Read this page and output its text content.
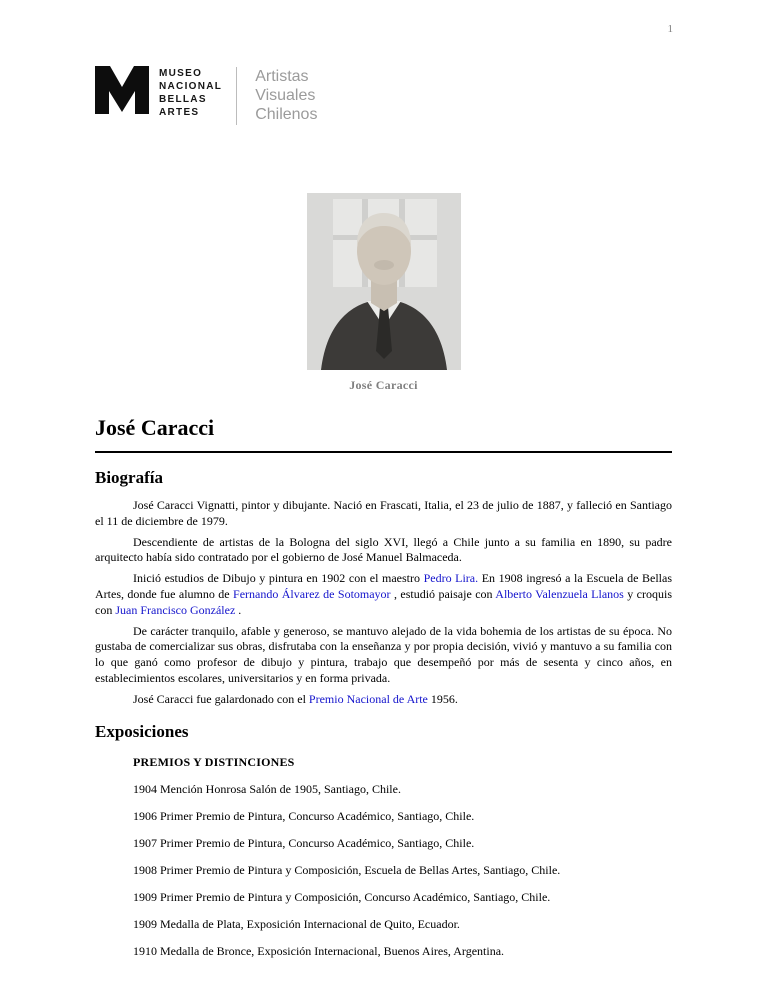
1
MUSEO
NACIONAL
BELLAS
ARTES
Artistas
Visuales
Chilenos
José Caracci
José Caracci
Biografía

José Caracci Vignatti, pintor y dibujante. Nació en Frascati, Italia, el 23 de julio de 1887, y falleció en Santiago el 11 de diciembre de 1979.

Descendiente de artistas de la Bologna del siglo XVI, llegó a Chile junto a su familia en 1890, su padre arquitecto había sido contratado por el gobierno de José Manuel Balmaceda.

Inició estudios de Dibujo y pintura en 1902 con el maestro Pedro Lira. En 1908 ingresó a la Escuela de Bellas Artes, donde fue alumno de Fernando Álvarez de Sotomayor , estudió paisaje con Alberto Valenzuela Llanos y croquis con Juan Francisco González .

De carácter tranquilo, afable y generoso, se mantuvo alejado de la vida bohemia de los artistas de su época. No gustaba de comercializar sus obras, disfrutaba con la enseñanza y por propia decisión, vivió y mantuvo a su familia con lo que ganó como profesor de dibujo y pintura, trabajo que desempeñó por más de sesenta y cinco años, en establecimientos escolares, universitarios y en forma privada.

José Caracci fue galardonado con el Premio Nacional de Arte 1956.

Exposiciones

PREMIOS Y DISTINCIONES

1904 Mención Honrosa Salón de 1905, Santiago, Chile.

1906 Primer Premio de Pintura, Concurso Académico, Santiago, Chile.

1907 Primer Premio de Pintura, Concurso Académico, Santiago, Chile.

1908 Primer Premio de Pintura y Composición, Escuela de Bellas Artes, Santiago, Chile.

1909 Primer Premio de Pintura y Composición, Concurso Académico, Santiago, Chile.

1909 Medalla de Plata, Exposición Internacional de Quito, Ecuador.

1910 Medalla de Bronce, Exposición Internacional, Buenos Aires, Argentina.
